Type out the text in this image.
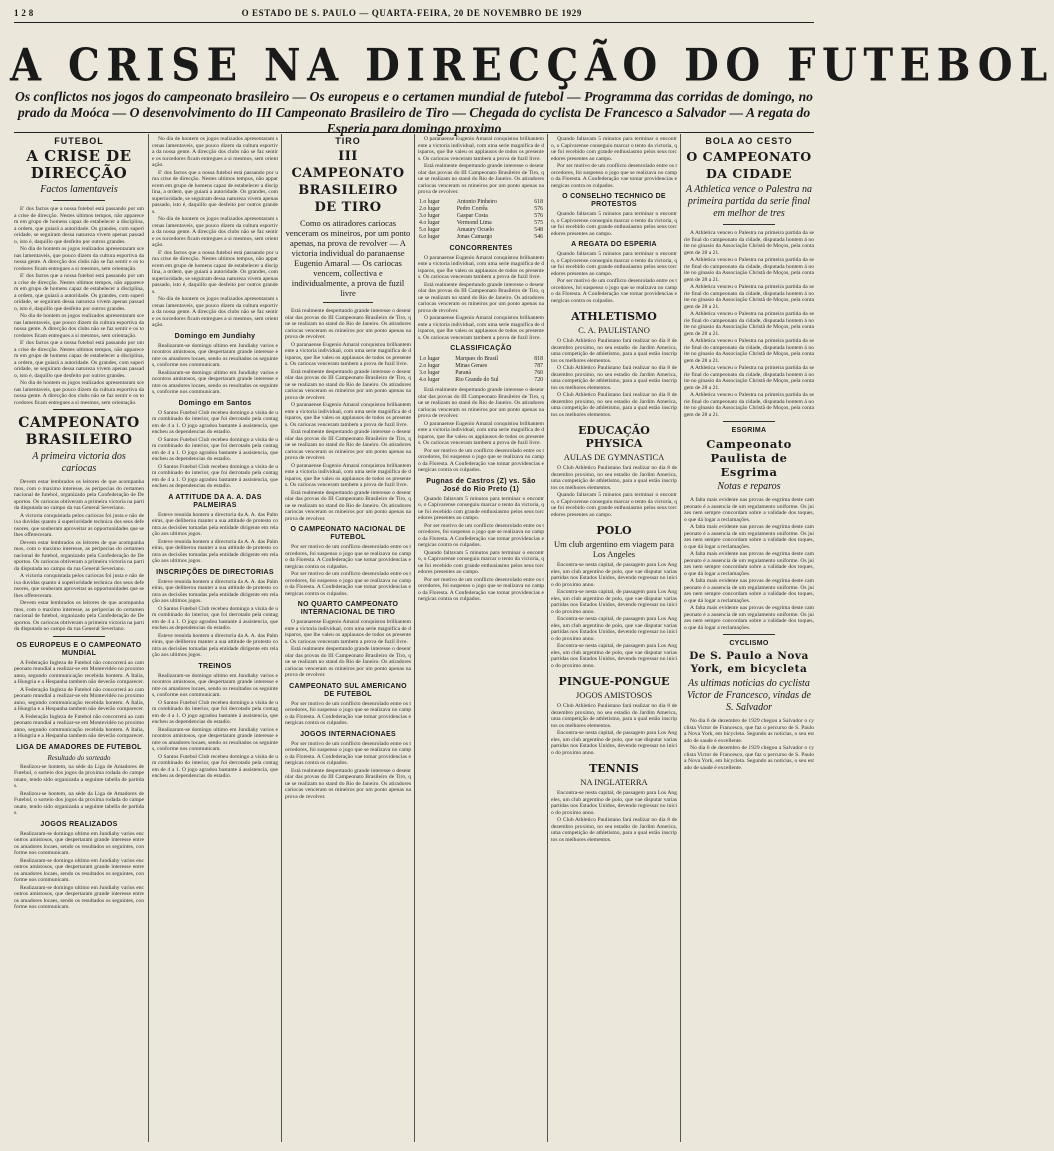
1 2 8	O ESTADO DE S. PAULO — QUARTA-FEIRA, 20 DE NOVEMBRO DE 1929
A CRISE NA DIRECÇÃO DO FUTEBOL
Os conflictos nos jogos do campeonato brasileiro — Os europeus e o certamen mundial de futebol — Programma das corridas de domingo, no prado da Moóca — O desenvolvimento do III Campeonato Brasileiro de Tiro — Chegada do cyclista De Francesco a Salvador — A regata do Esperia para domingo proximo
FUTEBOL
A CRISE DE DIRECÇÃO
Factos lamentaveis

E' dos factos que a nossa futebol está passando por uma crise de direcção. Nestes ultimos tempos, não apparecem em grupo de homens capaz de estabelecer a disciplina, a ordem, que guiará a autoridade. Os grandes, com superioridade, se seguiram dessa natureza vivem apenas passado, isto é, daquillo que desfeito por outros grandes.

No dia de hontem os jogos realizados apresentaram scenas lamentaveis, que pouco dizem da cultura esportiva da nossa gente. A direcção dos clubs não se faz sentir e os torcedores ficam entregues a si mesmos, sem orientação.

E' dos factos que a nossa futebol está passando por uma crise de direcção. Nestes ultimos tempos, não apparecem em grupo de homens capaz de estabelecer a disciplina, a ordem, que guiará a autoridade. Os grandes, com superioridade, se seguiram dessa natureza vivem apenas passado, isto é, daquillo que desfeito por outros grandes.

No dia de hontem os jogos realizados apresentaram scenas lamentaveis, que pouco dizem da cultura esportiva da nossa gente. A direcção dos clubs não se faz sentir e os torcedores ficam entregues a si mesmos, sem orientação.

E' dos factos que a nossa futebol está passando por uma crise de direcção. Nestes ultimos tempos, não apparecem em grupo de homens capaz de estabelecer a disciplina, a ordem, que guiará a autoridade. Os grandes, com superioridade, se seguiram dessa natureza vivem apenas passado, isto é, daquillo que desfeito por outros grandes.

No dia de hontem os jogos realizados apresentaram scenas lamentaveis, que pouco dizem da cultura esportiva da nossa gente. A direcção dos clubs não se faz sentir e os torcedores ficam entregues a si mesmos, sem orientação.

CAMPEONATO BRASILEIRO
A primeira victoria dos cariocas

Devem estar lembrados os leitores de que acompanhamos, com o maximo interesse, as peripecias do certamen nacional de futebol, organizado pela Confederação de Desportos. Os cariocas obtiveram a primeira victoria na partida disputada no campo da rua General Severiano.

A victoria conquistada pelos cariocas foi justa e não deixa duvidas quanto á superioridade technica dos seus defensores, que souberam aproveitar as opportunidades que se lhes offereceram.

Devem estar lembrados os leitores de que acompanhamos, com o maximo interesse, as peripecias do certamen nacional de futebol, organizado pela Confederação de Desportos. Os cariocas obtiveram a primeira victoria na partida disputada no campo da rua General Severiano.

A victoria conquistada pelos cariocas foi justa e não deixa duvidas quanto á superioridade technica dos seus defensores, que souberam aproveitar as opportunidades que se lhes offereceram.

Devem estar lembrados os leitores de que acompanhamos, com o maximo interesse, as peripecias do certamen nacional de futebol, organizado pela Confederação de Desportos. Os cariocas obtiveram a primeira victoria na partida disputada no campo da rua General Severiano.

OS EUROPEUS E O CAMPEONATO MUNDIAL

A Federação Ingleza de Futebol não concorrerá ao campeonato mundial a realizar-se em Montevidéo no proximo anno, segundo communicação recebida hontem. A Italia, a Hungria e a Hespanha tambem não deverão comparecer.

A Federação Ingleza de Futebol não concorrerá ao campeonato mundial a realizar-se em Montevidéo no proximo anno, segundo communicação recebida hontem. A Italia, a Hungria e a Hespanha tambem não deverão comparecer.

A Federação Ingleza de Futebol não concorrerá ao campeonato mundial a realizar-se em Montevidéo no proximo anno, segundo communicação recebida hontem. A Italia, a Hungria e a Hespanha tambem não deverão comparecer.

LIGA DE AMADORES DE FUTEBOL
Resultado do sorteado

Realizou-se hontem, na séde da Liga de Amadores de Futebol, o sorteio dos jogos da proxima rodada do campeonato, tendo sido organizada a seguinte tabella de partidas.

Realizou-se hontem, na séde da Liga de Amadores de Futebol, o sorteio dos jogos da proxima rodada do campeonato, tendo sido organizada a seguinte tabella de partidas.

JOGOS REALIZADOS

Realizaram-se domingo ultimo em Jundiahy varios encontros amistosos, que despertaram grande interesse entre os amadores locaes, sendo os resultados os seguintes, conforme nos communicam.

Realizaram-se domingo ultimo em Jundiahy varios encontros amistosos, que despertaram grande interesse entre os amadores locaes, sendo os resultados os seguintes, conforme nos communicam.

Realizaram-se domingo ultimo em Jundiahy varios encontros amistosos, que despertaram grande interesse entre os amadores locaes, sendo os resultados os seguintes, conforme nos communicam.

No dia de hontem os jogos realizados apresentaram scenas lamentaveis, que pouco dizem da cultura esportiva da nossa gente. A direcção dos clubs não se faz sentir e os torcedores ficam entregues a si mesmos, sem orientação.

E' dos factos que a nossa futebol está passando por uma crise de direcção. Nestes ultimos tempos, não apparecem em grupo de homens capaz de estabelecer a disciplina, a ordem, que guiará a autoridade. Os grandes, com superioridade, se seguiram dessa natureza vivem apenas passado, isto é, daquillo que desfeito por outros grandes.

No dia de hontem os jogos realizados apresentaram scenas lamentaveis, que pouco dizem da cultura esportiva da nossa gente. A direcção dos clubs não se faz sentir e os torcedores ficam entregues a si mesmos, sem orientação.

E' dos factos que a nossa futebol está passando por uma crise de direcção. Nestes ultimos tempos, não apparecem em grupo de homens capaz de estabelecer a disciplina, a ordem, que guiará a autoridade. Os grandes, com superioridade, se seguiram dessa natureza vivem apenas passado, isto é, daquillo que desfeito por outros grandes.

No dia de hontem os jogos realizados apresentaram scenas lamentaveis, que pouco dizem da cultura esportiva da nossa gente. A direcção dos clubs não se faz sentir e os torcedores ficam entregues a si mesmos, sem orientação.

Domingo em Jundiahy

Realizaram-se domingo ultimo em Jundiahy varios encontros amistosos, que despertaram grande interesse entre os amadores locaes, sendo os resultados os seguintes, conforme nos communicam.

Realizaram-se domingo ultimo em Jundiahy varios encontros amistosos, que despertaram grande interesse entre os amadores locaes, sendo os resultados os seguintes, conforme nos communicam.

Domingo em Santos

O Santos Futebol Club recebeu domingo a visita de um combinado do interior, que foi derrotado pela contagem de 4 a 1. O jogo agradou bastante á assistencia, que encheu as dependencias do estadio.

O Santos Futebol Club recebeu domingo a visita de um combinado do interior, que foi derrotado pela contagem de 4 a 1. O jogo agradou bastante á assistencia, que encheu as dependencias do estadio.

O Santos Futebol Club recebeu domingo a visita de um combinado do interior, que foi derrotado pela contagem de 4 a 1. O jogo agradou bastante á assistencia, que encheu as dependencias do estadio.

A ATTITUDE DA A. A. DAS PALMEIRAS

Esteve reunida hontem a directoria da A. A. das Palmeiras, que deliberou manter a sua attitude de protesto contra as decisões tomadas pela entidade dirigente em relação aos ultimos jogos.

Esteve reunida hontem a directoria da A. A. das Palmeiras, que deliberou manter a sua attitude de protesto contra as decisões tomadas pela entidade dirigente em relação aos ultimos jogos.

INSCRIPÇÕES DE DIRECTORIAS

Esteve reunida hontem a directoria da A. A. das Palmeiras, que deliberou manter a sua attitude de protesto contra as decisões tomadas pela entidade dirigente em relação aos ultimos jogos.

O Santos Futebol Club recebeu domingo a visita de um combinado do interior, que foi derrotado pela contagem de 4 a 1. O jogo agradou bastante á assistencia, que encheu as dependencias do estadio.

Esteve reunida hontem a directoria da A. A. das Palmeiras, que deliberou manter a sua attitude de protesto contra as decisões tomadas pela entidade dirigente em relação aos ultimos jogos.

TREINOS

Realizaram-se domingo ultimo em Jundiahy varios encontros amistosos, que despertaram grande interesse entre os amadores locaes, sendo os resultados os seguintes, conforme nos communicam.

O Santos Futebol Club recebeu domingo a visita de um combinado do interior, que foi derrotado pela contagem de 4 a 1. O jogo agradou bastante á assistencia, que encheu as dependencias do estadio.

Realizaram-se domingo ultimo em Jundiahy varios encontros amistosos, que despertaram grande interesse entre os amadores locaes, sendo os resultados os seguintes, conforme nos communicam.

O Santos Futebol Club recebeu domingo a visita de um combinado do interior, que foi derrotado pela contagem de 4 a 1. O jogo agradou bastante á assistencia, que encheu as dependencias do estadio.

TIRO
III CAMPEONATO BRASILEIRO DE TIRO
Como os atiradores cariocas venceram os mineiros, por um ponto apenas, na prova de revolver — A victoria individual do paranaense Eugenio Amaral — Os cariocas vencem, collectiva e individualmente, a prova de fuzil livre

Está realmente despertando grande interesse o desenrolar das provas do III Campeonato Brasileiro de Tiro, que se realizam no stand do Rio de Janeiro. Os atiradores cariocas venceram os mineiros por um ponto apenas na prova de revolver.

O paranaense Eugenio Amaral conquistou brilhantemente a victoria individual, com uma serie magnifica de disparos, que lhe valeu os applausos de todos os presentes. Os cariocas venceram tambem a prova de fuzil livre.

Está realmente despertando grande interesse o desenrolar das provas do III Campeonato Brasileiro de Tiro, que se realizam no stand do Rio de Janeiro. Os atiradores cariocas venceram os mineiros por um ponto apenas na prova de revolver.

O paranaense Eugenio Amaral conquistou brilhantemente a victoria individual, com uma serie magnifica de disparos, que lhe valeu os applausos de todos os presentes. Os cariocas venceram tambem a prova de fuzil livre.

Está realmente despertando grande interesse o desenrolar das provas do III Campeonato Brasileiro de Tiro, que se realizam no stand do Rio de Janeiro. Os atiradores cariocas venceram os mineiros por um ponto apenas na prova de revolver.

O paranaense Eugenio Amaral conquistou brilhantemente a victoria individual, com uma serie magnifica de disparos, que lhe valeu os applausos de todos os presentes. Os cariocas venceram tambem a prova de fuzil livre.

Está realmente despertando grande interesse o desenrolar das provas do III Campeonato Brasileiro de Tiro, que se realizam no stand do Rio de Janeiro. Os atiradores cariocas venceram os mineiros por um ponto apenas na prova de revolver.

O CAMPEONATO NACIONAL DE FUTEBOL

Por ser motivo de um conflicto desenrolado entre os torcedores, foi suspenso o jogo que se realizava no campo da Floresta. A Confederação vae tomar providencias energicas contra os culpados.

Por ser motivo de um conflicto desenrolado entre os torcedores, foi suspenso o jogo que se realizava no campo da Floresta. A Confederação vae tomar providencias energicas contra os culpados.

NO QUARTO CAMPEONATO INTERNACIONAL DE TIRO

O paranaense Eugenio Amaral conquistou brilhantemente a victoria individual, com uma serie magnifica de disparos, que lhe valeu os applausos de todos os presentes. Os cariocas venceram tambem a prova de fuzil livre.

Está realmente despertando grande interesse o desenrolar das provas do III Campeonato Brasileiro de Tiro, que se realizam no stand do Rio de Janeiro. Os atiradores cariocas venceram os mineiros por um ponto apenas na prova de revolver.

CAMPEONATO SUL AMERICANO DE FUTEBOL

Por ser motivo de um conflicto desenrolado entre os torcedores, foi suspenso o jogo que se realizava no campo da Floresta. A Confederação vae tomar providencias energicas contra os culpados.

JOGOS INTERNACIONAES

Por ser motivo de um conflicto desenrolado entre os torcedores, foi suspenso o jogo que se realizava no campo da Floresta. A Confederação vae tomar providencias energicas contra os culpados.

Está realmente despertando grande interesse o desenrolar das provas do III Campeonato Brasileiro de Tiro, que se realizam no stand do Rio de Janeiro. Os atiradores cariocas venceram os mineiros por um ponto apenas na prova de revolver.

O paranaense Eugenio Amaral conquistou brilhantemente a victoria individual, com uma serie magnifica de disparos, que lhe valeu os applausos de todos os presentes. Os cariocas venceram tambem a prova de fuzil livre.

Está realmente despertando grande interesse o desenrolar das provas do III Campeonato Brasileiro de Tiro, que se realizam no stand do Rio de Janeiro. Os atiradores cariocas venceram os mineiros por um ponto apenas na prova de revolver.

1.o lugar	Antonio Pinheiro	618
2.o lugar	Pedro Corrêa	576
3.o lugar	Gaspar Costa	576
4.o lugar	Vermond Lima	575
5.o lugar	Amaury Ocuelo	548
6.o lugar	Jonas Camargo	546
CONCORRENTES

O paranaense Eugenio Amaral conquistou brilhantemente a victoria individual, com uma serie magnifica de disparos, que lhe valeu os applausos de todos os presentes. Os cariocas venceram tambem a prova de fuzil livre.

Está realmente despertando grande interesse o desenrolar das provas do III Campeonato Brasileiro de Tiro, que se realizam no stand do Rio de Janeiro. Os atiradores cariocas venceram os mineiros por um ponto apenas na prova de revolver.

O paranaense Eugenio Amaral conquistou brilhantemente a victoria individual, com uma serie magnifica de disparos, que lhe valeu os applausos de todos os presentes. Os cariocas venceram tambem a prova de fuzil livre.

CLASSIFICAÇÃO
1.o lugar	Marques do Brasil	818
2.o lugar	Minas Geraes	787
3.o lugar	Paraná	760
4.o lugar	Rio Grande do Sul	720

Está realmente despertando grande interesse o desenrolar das provas do III Campeonato Brasileiro de Tiro, que se realizam no stand do Rio de Janeiro. Os atiradores cariocas venceram os mineiros por um ponto apenas na prova de revolver.

O paranaense Eugenio Amaral conquistou brilhantemente a victoria individual, com uma serie magnifica de disparos, que lhe valeu os applausos de todos os presentes. Os cariocas venceram tambem a prova de fuzil livre.

Por ser motivo de um conflicto desenrolado entre os torcedores, foi suspenso o jogo que se realizava no campo da Floresta. A Confederação vae tomar providencias energicas contra os culpados.

Pugnas de Castros (Z) vs. São José do Rio Preto (1)

Quando faltavam 5 minutos para terminar o encontro, o Capivarense conseguiu marcar o tento da victoria, que foi recebido com grande enthusiasmo pelos seus torcedores presentes ao campo.

Por ser motivo de um conflicto desenrolado entre os torcedores, foi suspenso o jogo que se realizava no campo da Floresta. A Confederação vae tomar providencias energicas contra os culpados.

Quando faltavam 5 minutos para terminar o encontro, o Capivarense conseguiu marcar o tento da victoria, que foi recebido com grande enthusiasmo pelos seus torcedores presentes ao campo.

Por ser motivo de um conflicto desenrolado entre os torcedores, foi suspenso o jogo que se realizava no campo da Floresta. A Confederação vae tomar providencias energicas contra os culpados.

Quando faltavam 5 minutos para terminar o encontro, o Capivarense conseguiu marcar o tento da victoria, que foi recebido com grande enthusiasmo pelos seus torcedores presentes ao campo.

Por ser motivo de um conflicto desenrolado entre os torcedores, foi suspenso o jogo que se realizava no campo da Floresta. A Confederação vae tomar providencias energicas contra os culpados.

O CONSELHO TECHNICO DE PROTESTOS

Quando faltavam 5 minutos para terminar o encontro, o Capivarense conseguiu marcar o tento da victoria, que foi recebido com grande enthusiasmo pelos seus torcedores presentes ao campo.

A REGATA DO ESPERIA

Quando faltavam 5 minutos para terminar o encontro, o Capivarense conseguiu marcar o tento da victoria, que foi recebido com grande enthusiasmo pelos seus torcedores presentes ao campo.

Por ser motivo de um conflicto desenrolado entre os torcedores, foi suspenso o jogo que se realizava no campo da Floresta. A Confederação vae tomar providencias energicas contra os culpados.

ATHLETISMO
C. A. PAULISTANO

O Club Athletico Paulistano fará realizar no dia 8 de dezembro proximo, no seu estadio do Jardim America, uma competição de athletismo, para a qual estão inscriptos os melhores elementos.

O Club Athletico Paulistano fará realizar no dia 8 de dezembro proximo, no seu estadio do Jardim America, uma competição de athletismo, para a qual estão inscriptos os melhores elementos.

O Club Athletico Paulistano fará realizar no dia 8 de dezembro proximo, no seu estadio do Jardim America, uma competição de athletismo, para a qual estão inscriptos os melhores elementos.

EDUCAÇÃO PHYSICA
AULAS DE GYMNASTICA

O Club Athletico Paulistano fará realizar no dia 8 de dezembro proximo, no seu estadio do Jardim America, uma competição de athletismo, para a qual estão inscriptos os melhores elementos.

Quando faltavam 5 minutos para terminar o encontro, o Capivarense conseguiu marcar o tento da victoria, que foi recebido com grande enthusiasmo pelos seus torcedores presentes ao campo.

POLO
Um club argentino em viagem para Los Angeles

Encontra-se nesta capital, de passagem para Los Angeles, um club argentino de polo, que vae disputar varias partidas nos Estados Unidos, devendo regressar no inicio do proximo anno.

Encontra-se nesta capital, de passagem para Los Angeles, um club argentino de polo, que vae disputar varias partidas nos Estados Unidos, devendo regressar no inicio do proximo anno.

Encontra-se nesta capital, de passagem para Los Angeles, um club argentino de polo, que vae disputar varias partidas nos Estados Unidos, devendo regressar no inicio do proximo anno.

Encontra-se nesta capital, de passagem para Los Angeles, um club argentino de polo, que vae disputar varias partidas nos Estados Unidos, devendo regressar no inicio do proximo anno.

PINGUE-PONGUE
JOGOS AMISTOSOS

O Club Athletico Paulistano fará realizar no dia 8 de dezembro proximo, no seu estadio do Jardim America, uma competição de athletismo, para a qual estão inscriptos os melhores elementos.

Encontra-se nesta capital, de passagem para Los Angeles, um club argentino de polo, que vae disputar varias partidas nos Estados Unidos, devendo regressar no inicio do proximo anno.

TENNIS
NA INGLATERRA

Encontra-se nesta capital, de passagem para Los Angeles, um club argentino de polo, que vae disputar varias partidas nos Estados Unidos, devendo regressar no inicio do proximo anno.

O Club Athletico Paulistano fará realizar no dia 8 de dezembro proximo, no seu estadio do Jardim America, uma competição de athletismo, para a qual estão inscriptos os melhores elementos.

BOLA AO CESTO
O CAMPEONATO DA CIDADE
A Athletica vence o Palestra na primeira partida da serie final em melhor de tres

A Athletica venceu o Palestra na primeira partida da serie final do campeonato da cidade, disputada hontem á noite no ginasio da Associação Christã de Moços, pela contagem de 28 a 21.

A Athletica venceu o Palestra na primeira partida da serie final do campeonato da cidade, disputada hontem á noite no ginasio da Associação Christã de Moços, pela contagem de 28 a 21.

A Athletica venceu o Palestra na primeira partida da serie final do campeonato da cidade, disputada hontem á noite no ginasio da Associação Christã de Moços, pela contagem de 28 a 21.

A Athletica venceu o Palestra na primeira partida da serie final do campeonato da cidade, disputada hontem á noite no ginasio da Associação Christã de Moços, pela contagem de 28 a 21.

A Athletica venceu o Palestra na primeira partida da serie final do campeonato da cidade, disputada hontem á noite no ginasio da Associação Christã de Moços, pela contagem de 28 a 21.

A Athletica venceu o Palestra na primeira partida da serie final do campeonato da cidade, disputada hontem á noite no ginasio da Associação Christã de Moços, pela contagem de 28 a 21.

A Athletica venceu o Palestra na primeira partida da serie final do campeonato da cidade, disputada hontem á noite no ginasio da Associação Christã de Moços, pela contagem de 28 a 21.

ESGRIMA
Campeonato Paulista de Esgrima
Notas e reparos

A falta mais evidente nas provas de esgrima deste campeonato é a ausencia de um regulamento uniforme. Os juizes nem sempre concordam sobre a validade dos toques, o que dá logar a reclamações.

A falta mais evidente nas provas de esgrima deste campeonato é a ausencia de um regulamento uniforme. Os juizes nem sempre concordam sobre a validade dos toques, o que dá logar a reclamações.

A falta mais evidente nas provas de esgrima deste campeonato é a ausencia de um regulamento uniforme. Os juizes nem sempre concordam sobre a validade dos toques, o que dá logar a reclamações.

A falta mais evidente nas provas de esgrima deste campeonato é a ausencia de um regulamento uniforme. Os juizes nem sempre concordam sobre a validade dos toques, o que dá logar a reclamações.

A falta mais evidente nas provas de esgrima deste campeonato é a ausencia de um regulamento uniforme. Os juizes nem sempre concordam sobre a validade dos toques, o que dá logar a reclamações.

CYCLISMO
De S. Paulo a Nova York, em bicycleta
As ultimas noticias do cyclista Victor de Francesco, vindas de S. Salvador

No dia 6 de dezembro de 1929 chegou a Salvador o cyclista Victor de Francesco, que faz o percurso de S. Paulo a Nova York, em bicycleta. Segundo as noticias, o seu estado de saude é excellente.

No dia 6 de dezembro de 1929 chegou a Salvador o cyclista Victor de Francesco, que faz o percurso de S. Paulo a Nova York, em bicycleta. Segundo as noticias, o seu estado de saude é excellente.
